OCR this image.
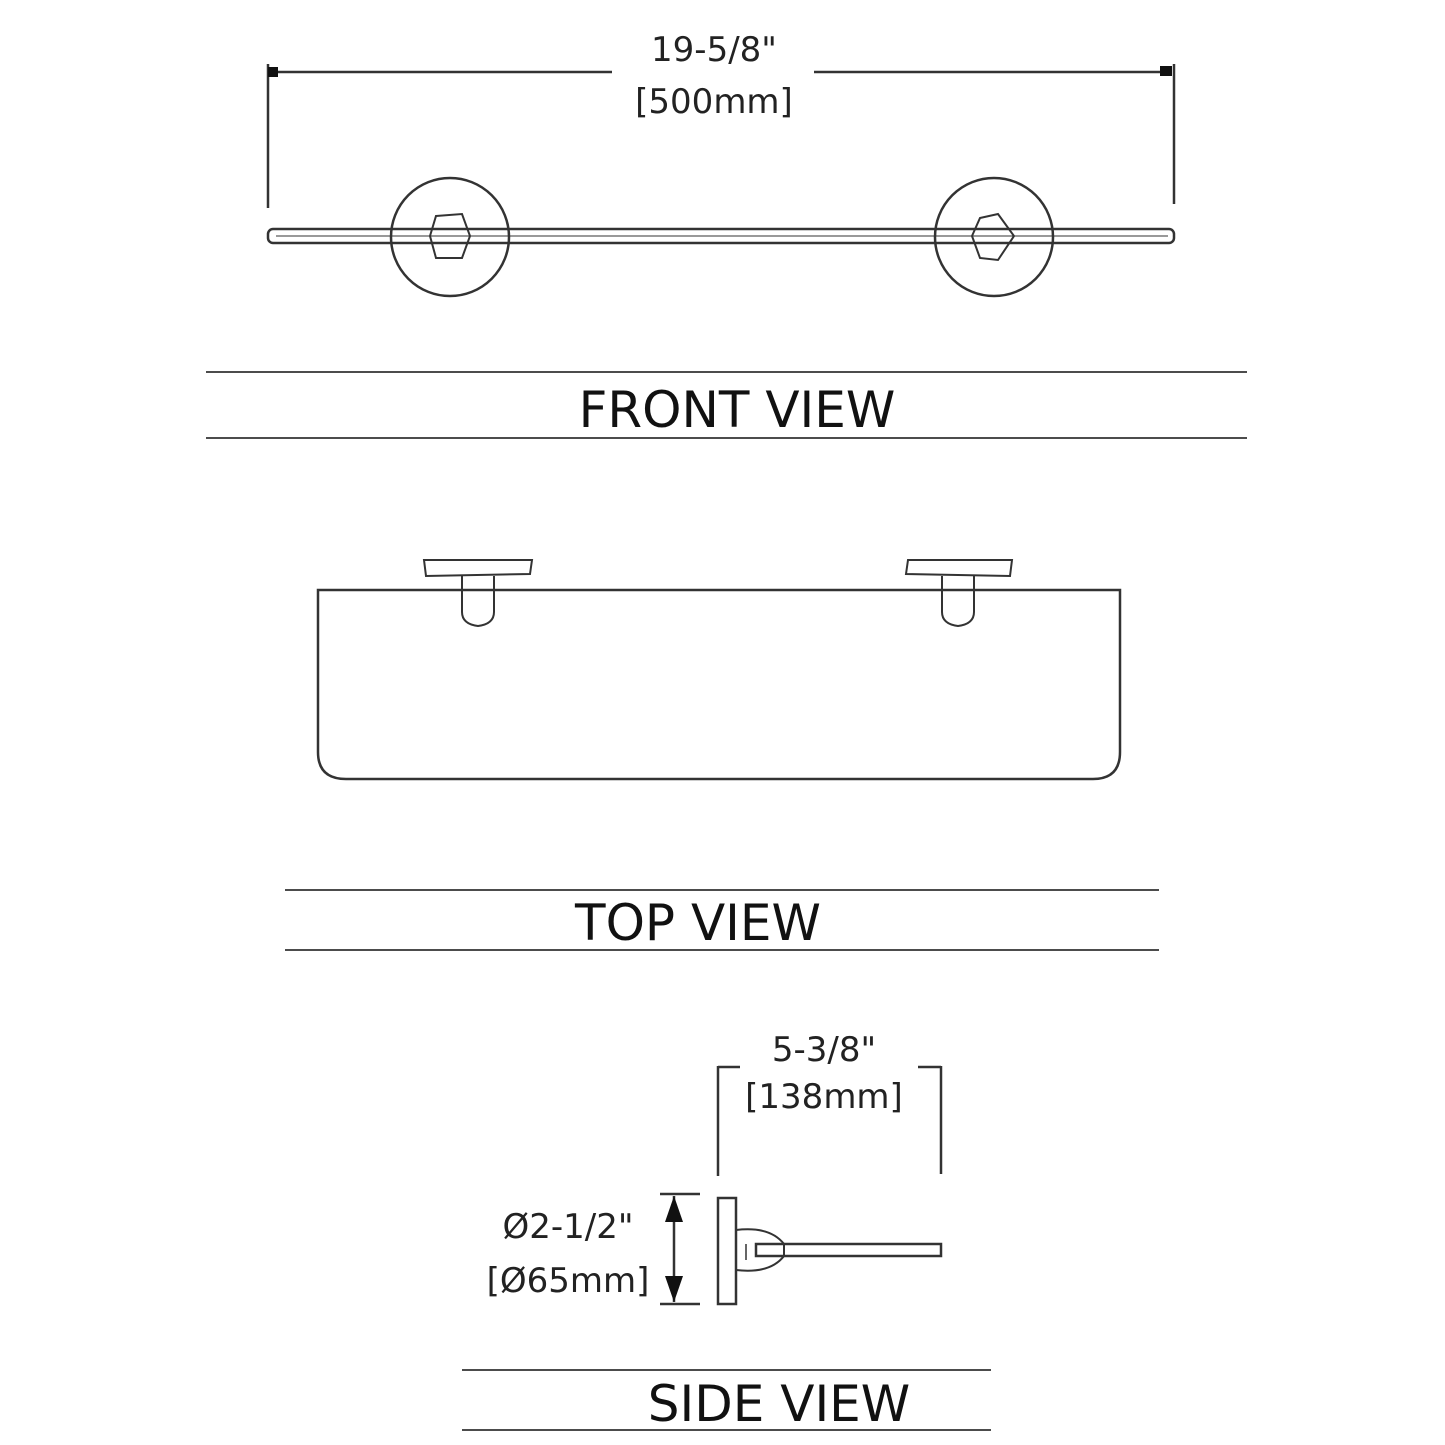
19-5/8"
[500mm]
FRONT VIEW
TOP VIEW
5-3/8"
[138mm]
Ø2-1/2"
[Ø65mm]
SIDE VIEW
